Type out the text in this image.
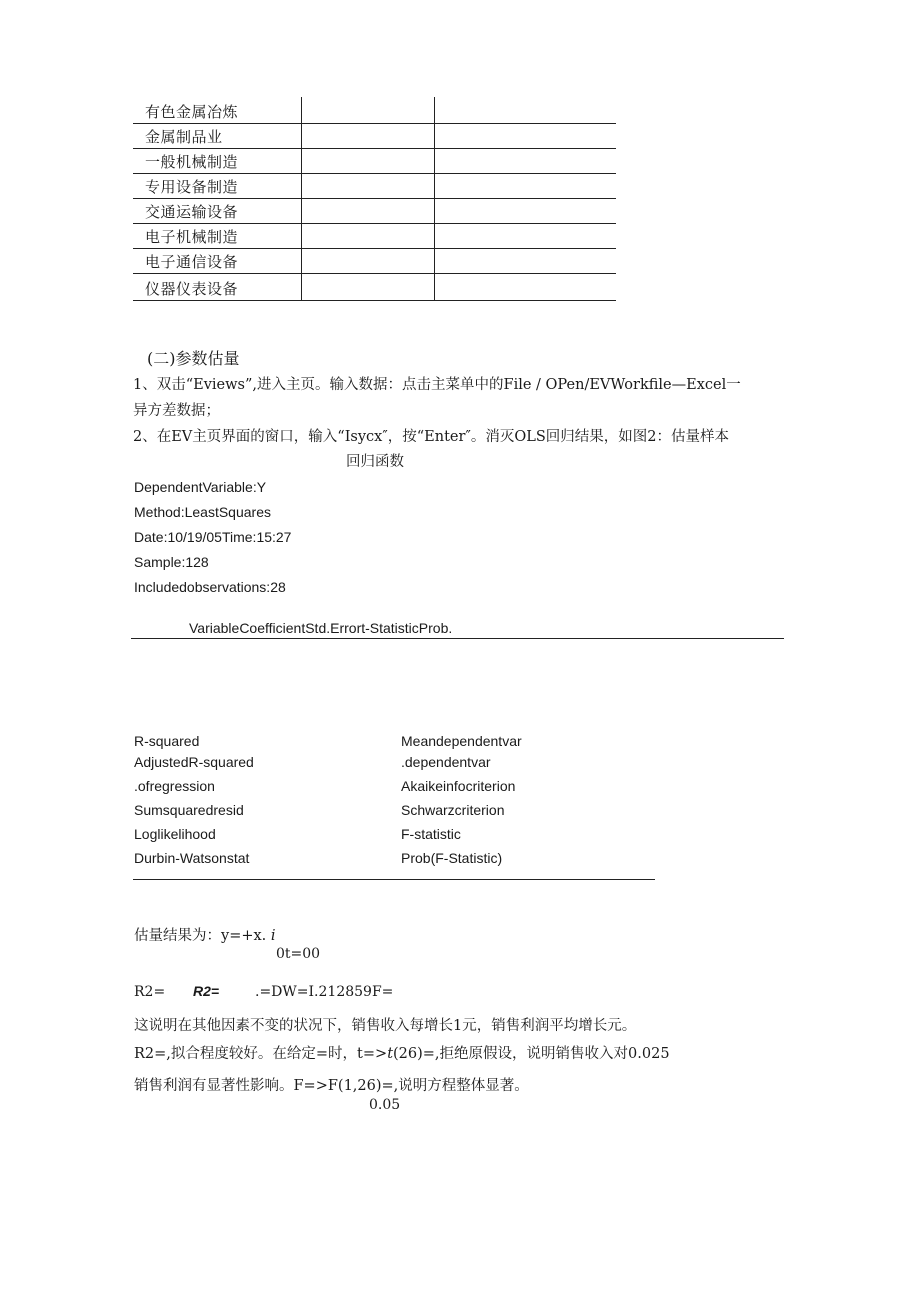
有色金属冶炼
金属制品业
一般机械制造
专用设备制造
交通运输设备
电子机械制造
电子通信设备
仪器仪表设备
(二)参数估量
1、双击“Eviews”,进入主页。输入数据：点击主菜单中的File / OPen/EVWorkfile—Excel一
异方差数据；
2、在EV主页界面的窗口，输入“Isycx″，按“Enter″。消灭OLS回归结果，如图2：估量样本
回归函数
DependentVariable:Y
Method:LeastSquares
Date:10/19/05Time:15:27
Sample:128
Includedobservations:28
VariableCoefficientStd.Errort-StatisticProb.
R-squared
AdjustedR-squared
.ofregression
Sumsquaredresid
Loglikelihood
Durbin-Watsonstat
Meandependentvar
.dependentvar
Akaikeinfocriterion
Schwarzcriterion
F-statistic
Prob(F-Statistic)
估量结果为：y=+x. i
0t=00
R2= R2=	.=DW=I.212859F=
这说明在其他因素不变的状况下，销售收入每增长1元，销售利润平均增长元。
R2=,拟合程度较好。在给定=时，t=>t(26)=,拒绝原假设，说明销售收入对0.025
销售利润有显著性影响。F=>F(1,26)=,说明方程整体显著。
0.05
